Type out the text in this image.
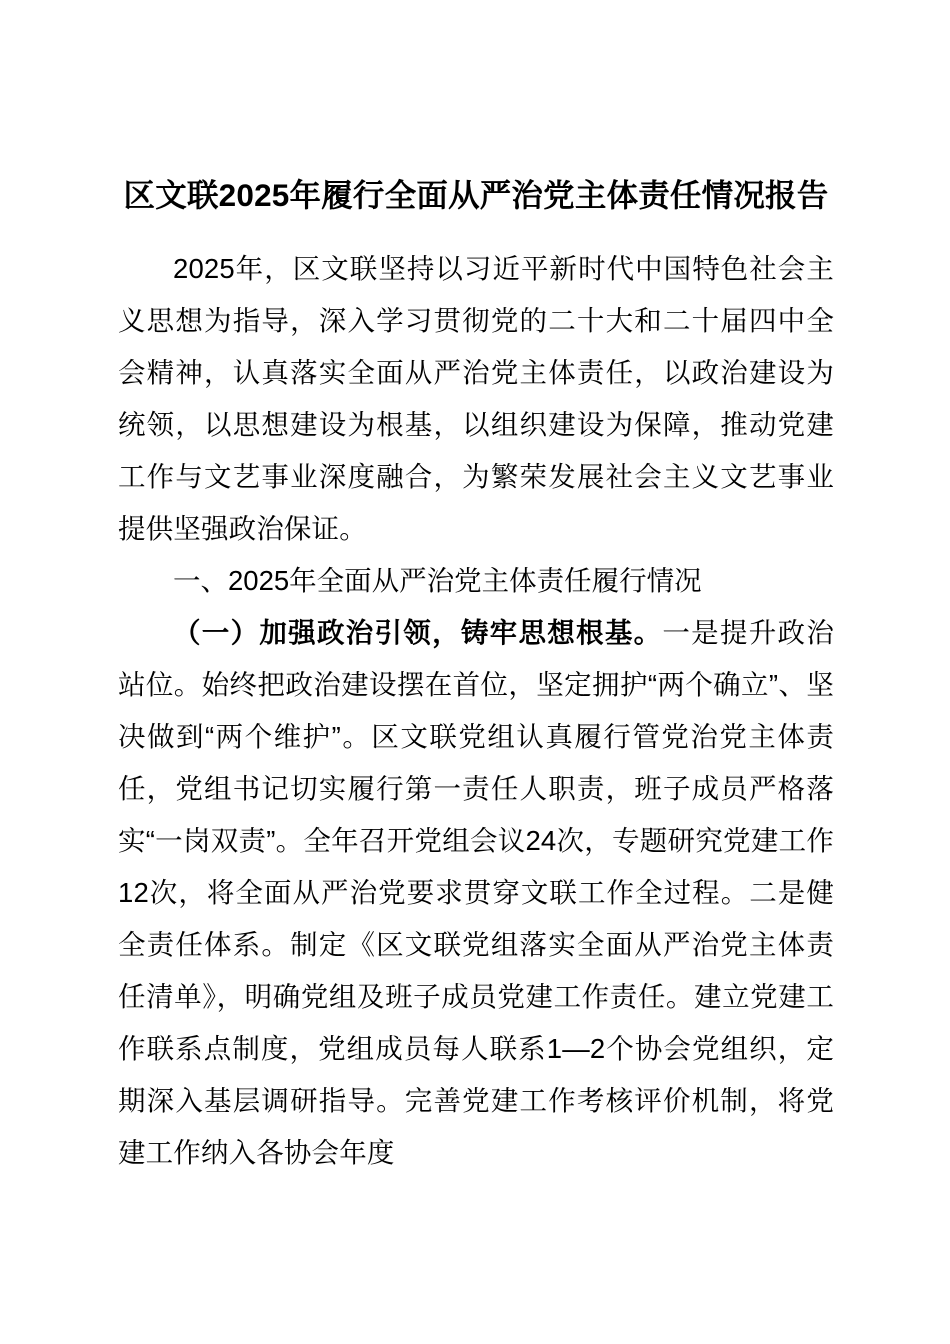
区文联2025年履行全面从严治党主体责任情况报告

2025年，区文联坚持以习近平新时代中国特色社会主义思想为指导，深入学习贯彻党的二十大和二十届四中全会精神，认真落实全面从严治党主体责任，以政治建设为统领，以思想建设为根基，以组织建设为保障，推动党建工作与文艺事业深度融合，为繁荣发展社会主义文艺事业提供坚强政治保证。

一、2025年全面从严治党主体责任履行情况

（一）加强政治引领，铸牢思想根基。一是提升政治站位。始终把政治建设摆在首位，坚定拥护“两个确立”、坚决做到“两个维护”。区文联党组认真履行管党治党主体责任，党组书记切实履行第一责任人职责，班子成员严格落实“一岗双责”。全年召开党组会议24次，专题研究党建工作12次，将全面从严治党要求贯穿文联工作全过程。二是健全责任体系。制定《区文联党组落实全面从严治党主体责任清单》，明确党组及班子成员党建工作责任。建立党建工作联系点制度，党组成员每人联系1—2个协会党组织，定期深入基层调研指导。完善党建工作考核评价机制，将党建工作纳入各协会年度
